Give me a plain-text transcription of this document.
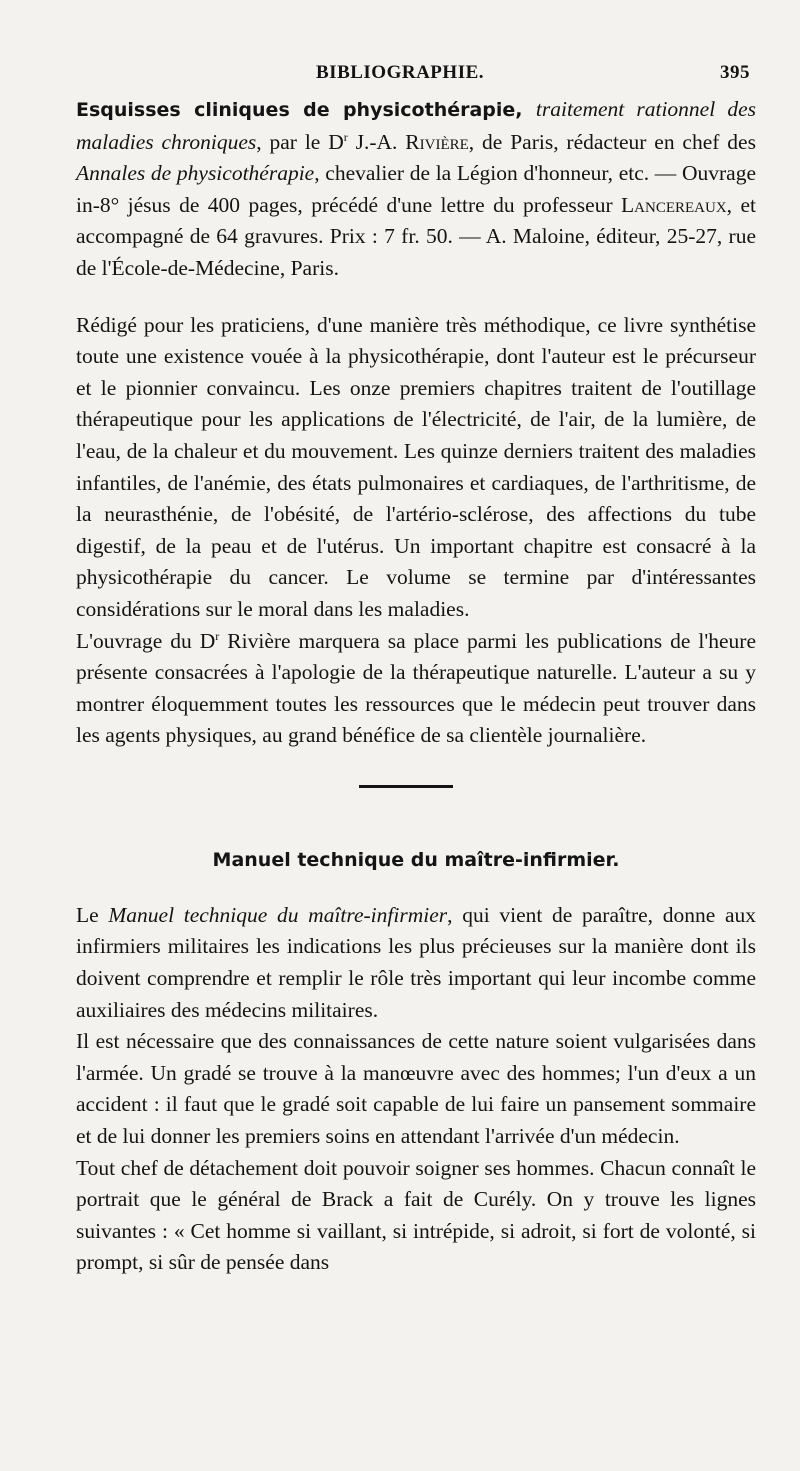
BIBLIOGRAPHIE.	395

Esquisses cliniques de physicothérapie, traitement rationnel des maladies chroniques, par le $D^r$ J.-A. Rivière, de Paris, rédacteur en chef des Annales de physicothérapie, chevalier de la Légion d'honneur, etc. — Ouvrage in-8° jésus de 400 pages, précédé d'une lettre du professeur Lancereaux, et accompagné de 64 gravures. Prix : 7 fr. 50. — A. Maloine, éditeur, 25-27, rue de l'École-de-Médecine, Paris.

Rédigé pour les praticiens, d'une manière très méthodique, ce livre synthétise toute une existence vouée à la physicothérapie, dont l'auteur est le précurseur et le pionnier convaincu. Les onze premiers chapitres traitent de l'outillage thérapeutique pour les applications de l'électricité, de l'air, de la lumière, de l'eau, de la chaleur et du mouvement. Les quinze derniers traitent des maladies infantiles, de l'anémie, des états pulmonaires et cardiaques, de l'arthritisme, de la neurasthénie, de l'obésité, de l'artério-sclérose, des affections du tube digestif, de la peau et de l'utérus. Un important chapitre est consacré à la physicothérapie du cancer. Le volume se termine par d'intéressantes considérations sur le moral dans les maladies.

L'ouvrage du $D^r$ Rivière marquera sa place parmi les publications de l'heure présente consacrées à l'apologie de la thérapeutique naturelle. L'auteur a su y montrer éloquemment toutes les ressources que le médecin peut trouver dans les agents physiques, au grand bénéfice de sa clientèle journalière.

Manuel technique du maître-infirmier.

Le Manuel technique du maître-infirmier, qui vient de paraître, donne aux infirmiers militaires les indications les plus précieuses sur la manière dont ils doivent comprendre et remplir le rôle très important qui leur incombe comme auxiliaires des médecins militaires.

Il est nécessaire que des connaissances de cette nature soient vulgarisées dans l'armée. Un gradé se trouve à la manœuvre avec des hommes; l'un d'eux a un accident : il faut que le gradé soit capable de lui faire un pansement sommaire et de lui donner les premiers soins en attendant l'arrivée d'un médecin.

Tout chef de détachement doit pouvoir soigner ses hommes. Chacun connaît le portrait que le général de Brack a fait de Curély. On y trouve les lignes suivantes : « Cet homme si vaillant, si intrépide, si adroit, si fort de volonté, si prompt, si sûr de pensée dans
